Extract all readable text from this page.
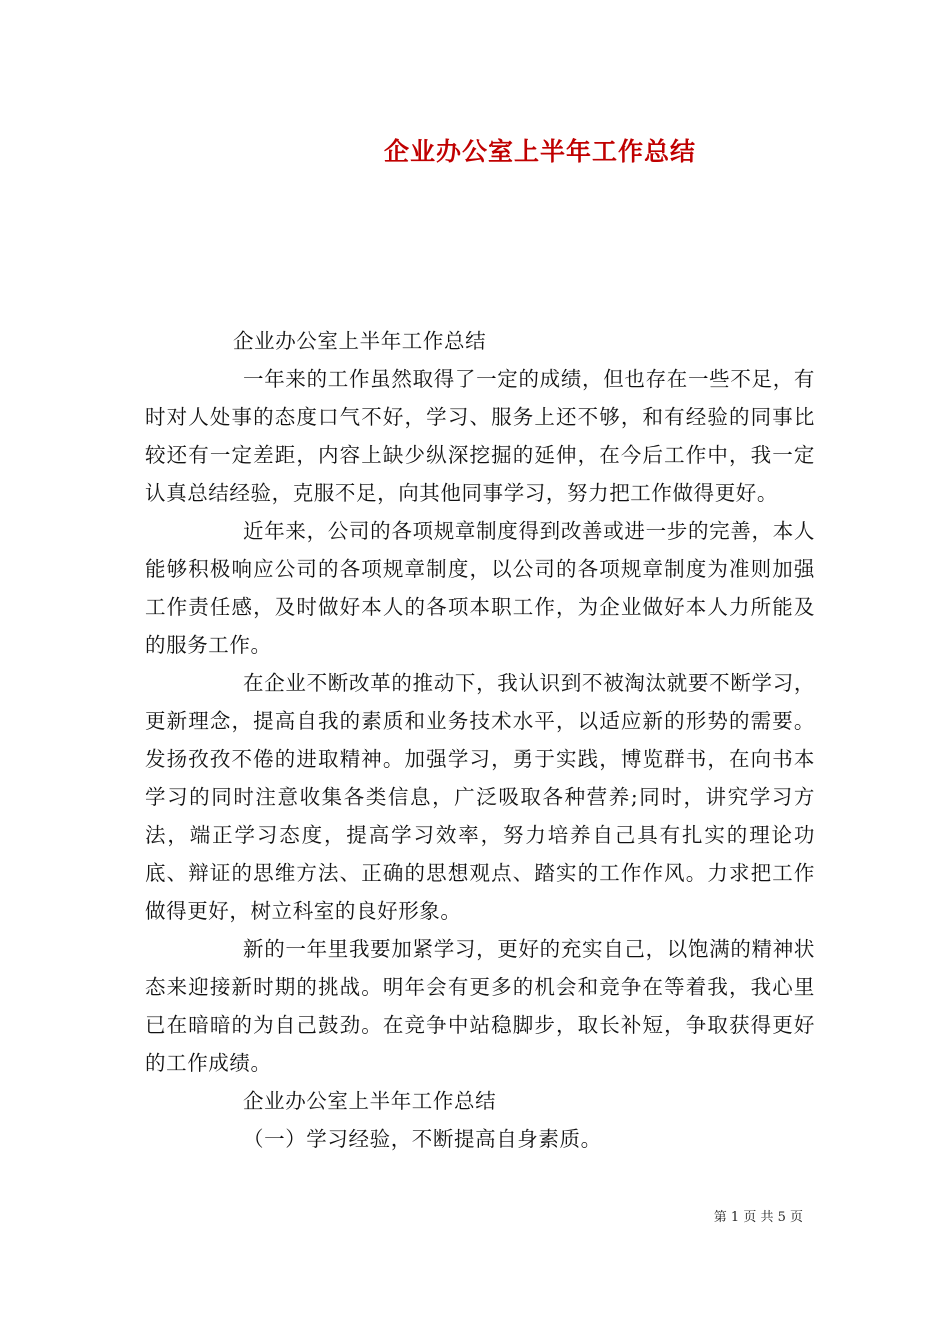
企业办公室上半年工作总结

企业办公室上半年工作总结

一年来的工作虽然取得了一定的成绩，但也存在一些不足，有时对人处事的态度口气不好，学习、服务上还不够，和有经验的同事比较还有一定差距，内容上缺少纵深挖掘的延伸，在今后工作中，我一定认真总结经验，克服不足，向其他同事学习，努力把工作做得更好。

近年来，公司的各项规章制度得到改善或进一步的完善，本人能够积极响应公司的各项规章制度，以公司的各项规章制度为准则加强工作责任感，及时做好本人的各项本职工作，为企业做好本人力所能及的服务工作。

在企业不断改革的推动下，我认识到不被淘汰就要不断学习，更新理念，提高自我的素质和业务技术水平，以适应新的形势的需要。发扬孜孜不倦的进取精神。加强学习，勇于实践，博览群书，在向书本学习的同时注意收集各类信息，广泛吸取各种营养;同时，讲究学习方法，端正学习态度，提高学习效率，努力培养自己具有扎实的理论功底、辩证的思维方法、正确的思想观点、踏实的工作作风。力求把工作做得更好，树立科室的良好形象。

新的一年里我要加紧学习，更好的充实自己，以饱满的精神状态来迎接新时期的挑战。明年会有更多的机会和竞争在等着我，我心里已在暗暗的为自己鼓劲。在竞争中站稳脚步，取长补短，争取获得更好的工作成绩。

企业办公室上半年工作总结

（一）学习经验，不断提高自身素质。

第 1 页 共 5 页
